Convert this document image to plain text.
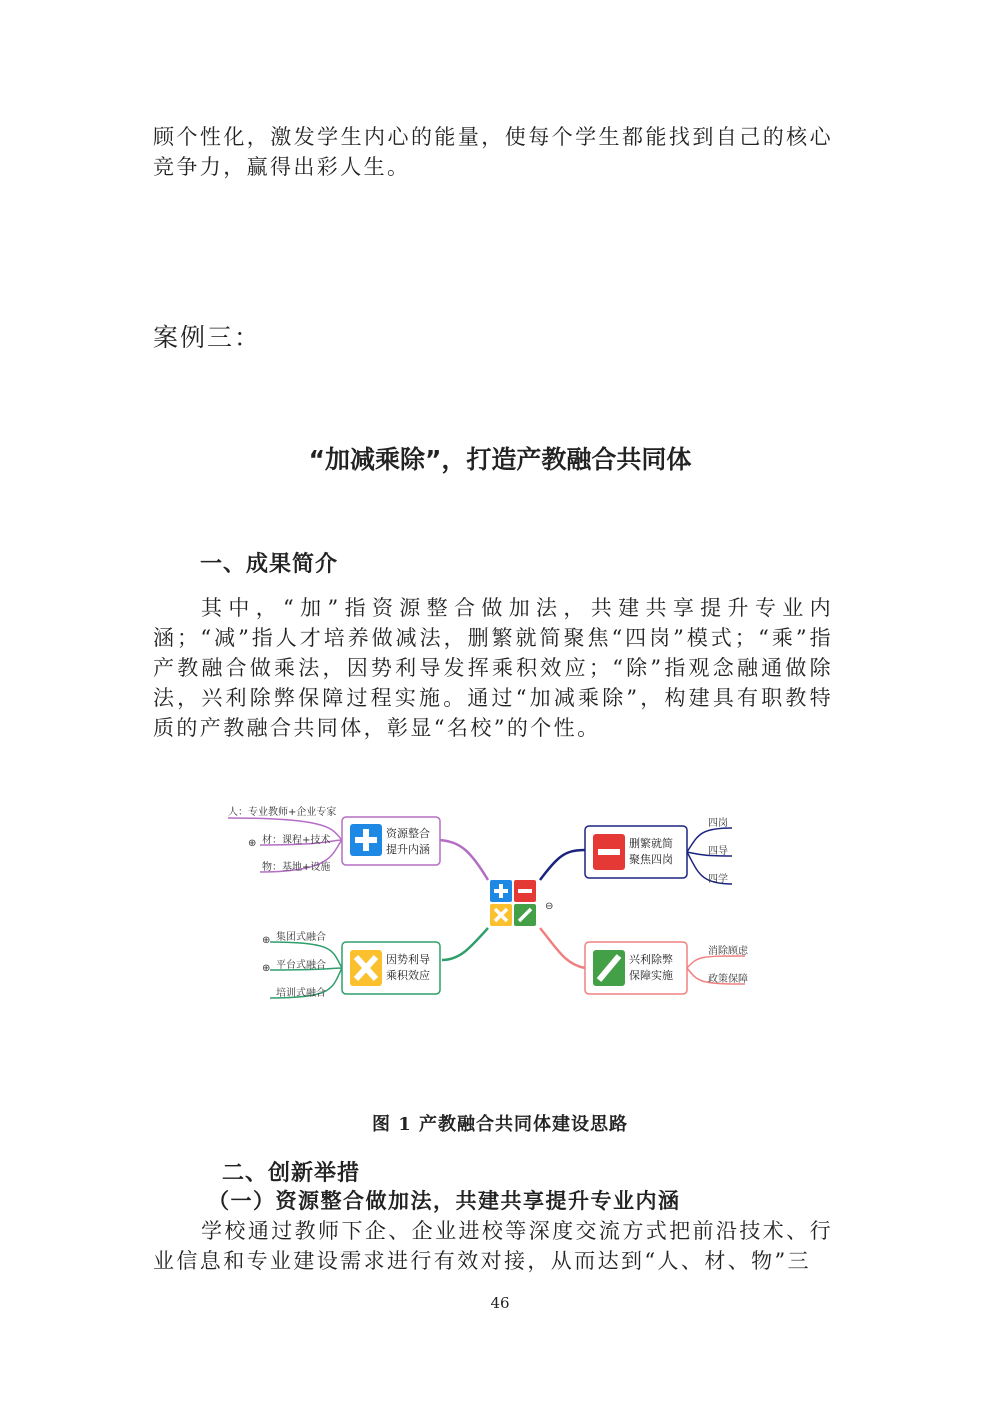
顾个性化，激发学生内心的能量，使每个学生都能找到自己的核心竞争力，赢得出彩人生。

案例三：

“加减乘除”，打造产教融合共同体
一、成果简介

其中，“加”指资源整合做加法，共建共享提升专业内涵；“减”指人才培养做减法，删繁就简聚焦“四岗”模式；“乘”指产教融合做乘法，因势利导发挥乘积效应；“除”指观念融通做除法，兴利除弊保障过程实施。通过“加减乘除”，构建具有职教特质的产教融合共同体，彰显“名校”的个性。

⊖
人：专业教师+企业专家
⊕ 材：课程+技术
物：基地+设施
资源整合
提升内涵
⊕ 集团式融合
⊕ 平台式融合
培训式融合
因势利导
乘积效应
删繁就简
聚焦四岗
四岗
四导
四学
兴利除弊
保障实施
消除顾虑
政策保障

图 1 产教融合共同体建设思路

二、创新举措
（一）资源整合做加法，共建共享提升专业内涵

学校通过教师下企、企业进校等深度交流方式把前沿技术、行业信息和专业建设需求进行有效对接，从而达到“人、材、物”三

46
